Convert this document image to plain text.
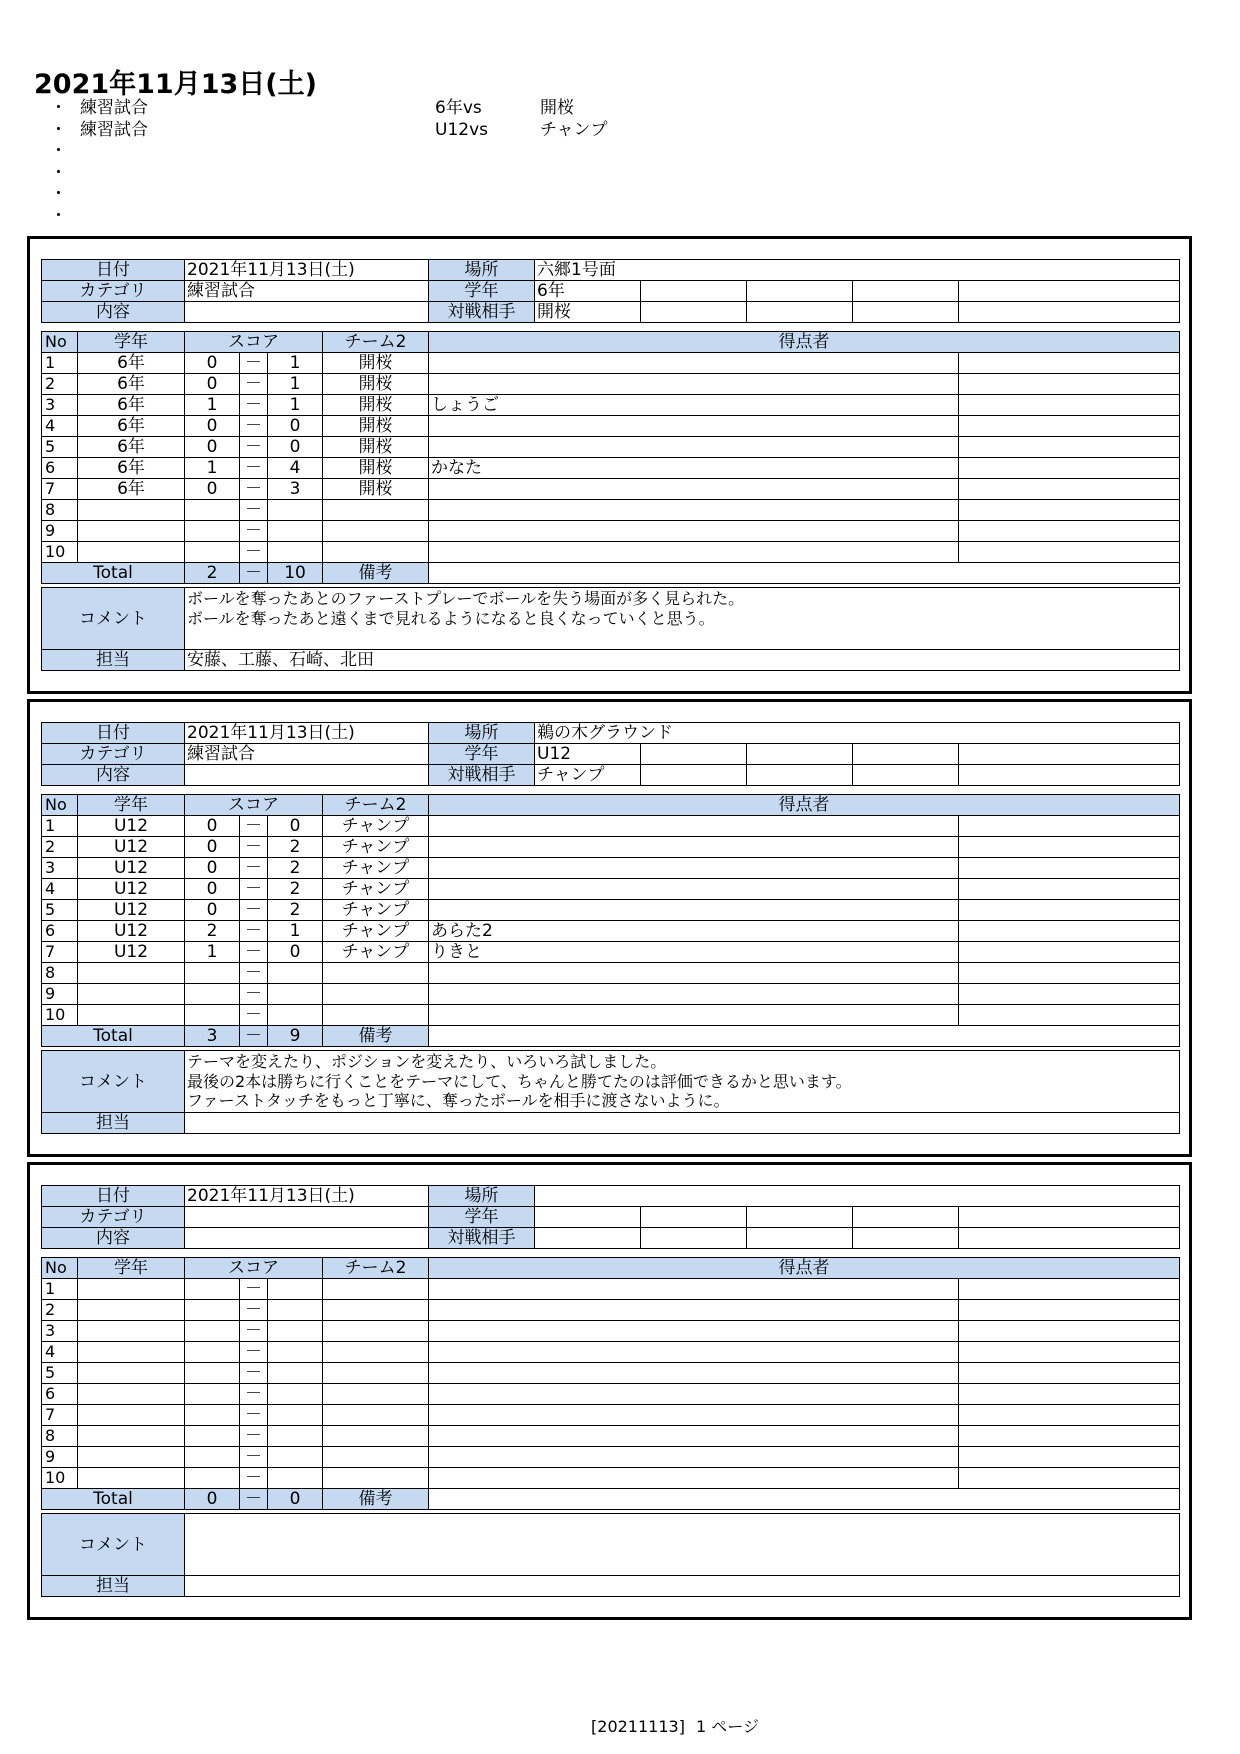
2021年11月13日(土)
・ 練習試合	6年vs	開桜
・ 練習試合	U12vs	チャンプ
・
・
・
・
日付	2021年11月13日(土)	場所	六郷1号面				
カテゴリ	練習試合	学年	6年				
内容		対戦相手	開桜				
No	学年	スコア			チーム2	得点者	
1	6年	0	－	1	開桜		
2	6年	0	－	1	開桜		
3	6年	1	－	1	開桜	しょうご	
4	6年	0	－	0	開桜		
5	6年	0	－	0	開桜		
6	6年	1	－	4	開桜	かなた	
7	6年	0	－	3	開桜		
8			－				
9			－				
10			－				
Total		2	－	10	備考		
コメント	ボールを奪ったあとのファーストプレーでボールを失う場面が多く見られた。
ボールを奪ったあと遠くまで見れるようになると良くなっていくと思う。

担当	安藤、工藤、石崎、北田
日付	2021年11月13日(土)	場所	鵜の木グラウンド				
カテゴリ	練習試合	学年	U12				
内容		対戦相手	チャンプ				
No	学年	スコア			チーム2	得点者	
1	U12	0	－	0	チャンプ		
2	U12	0	－	2	チャンプ		
3	U12	0	－	2	チャンプ		
4	U12	0	－	2	チャンプ		
5	U12	0	－	2	チャンプ		
6	U12	2	－	1	チャンプ	あらた2	
7	U12	1	－	0	チャンプ	りきと	
8			－				
9			－				
10			－				
Total		3	－	9	備考		
コメント	テーマを変えたり、ポジションを変えたり、いろいろ試しました。
最後の2本は勝ちに行くことをテーマにして、ちゃんと勝てたのは評価できるかと思います。
ファーストタッチをもっと丁寧に、奪ったボールを相手に渡さないように。

担当	
日付	2021年11月13日(土)	場所					
カテゴリ		学年					
内容		対戦相手					
No	学年	スコア			チーム2	得点者	
1			－				
2			－				
3			－				
4			－				
5			－				
6			－				
7			－				
8			－				
9			－				
10			－				
Total		0	－	0	備考		
コメント	

担当	
[20211113] 1 ページ
